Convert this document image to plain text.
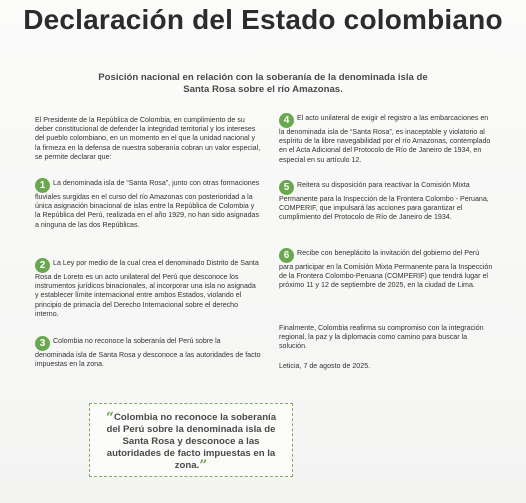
Declaración del Estado colombiano
Posición nacional en relación con la soberanía de la denominada isla de Santa Rosa sobre el río Amazonas.

El Presidente de la República de Colombia, en cumplimiento de su deber constitucional de defender la integridad territorial y los intereses del pueblo colombiano, en un momento en el que la unidad nacional y la firmeza en la defensa de nuestra soberanía cobran un valor especial, se permite declarar que:

1 La denominada isla de “Santa Rosa”, junto con otras formaciones fluviales surgidas en el curso del río Amazonas con posterioridad a la única asignación binacional de islas entre la República de Colombia y la República del Perú, realizada en el año 1929, no han sido asignadas a ninguna de las dos Repúblicas.

2 La Ley por medio de la cual crea el denominado Distrito de Santa Rosa de Loreto es un acto unilateral del Perú que desconoce los instrumentos jurídicos binacionales, al incorporar una isla no asignada y establecer límite internacional entre ambos Estados, violando el principio de primacía del Derecho Internacional sobre el derecho interno.

3 Colombia no reconoce la soberanía del Perú sobre la denominada isla de Santa Rosa y desconoce a las autoridades de facto impuestas en la zona.

4 El acto unilateral de exigir el registro a las embarcaciones en la denominada isla de “Santa Rosa”, es inaceptable y violatorio al espíritu de la libre navegabilidad por el río Amazonas, contemplado en el Acta Adicional del Protocolo de Río de Janeiro de 1934, en especial en su artículo 12.

5 Reitera su disposición para reactivar la Comisión Mixta Permanente para la Inspección de la Frontera Colombo - Peruana, COMPERIF, que impulsará las acciones para garantizar el cumplimiento del Protocolo de Río de Janeiro de 1934.

6 Recibe con beneplácito la invitación del gobierno del Perú para participar en la Comisión Mixta Permanente para la Inspección de la Frontera Colombo-Peruana (COMPERIF) que tendrá lugar el próximo 11 y 12 de septiembre de 2025, en la ciudad de Lima.

Finalmente, Colombia reafirma su compromiso con la integración regional, la paz y la diplomacia como camino para buscar la solución.

Leticia, 7 de agosto de 2025.

“Colombia no reconoce la soberanía del Perú sobre la denominada isla de Santa Rosa y desconoce a las autoridades de facto impuestas en la zona.”
